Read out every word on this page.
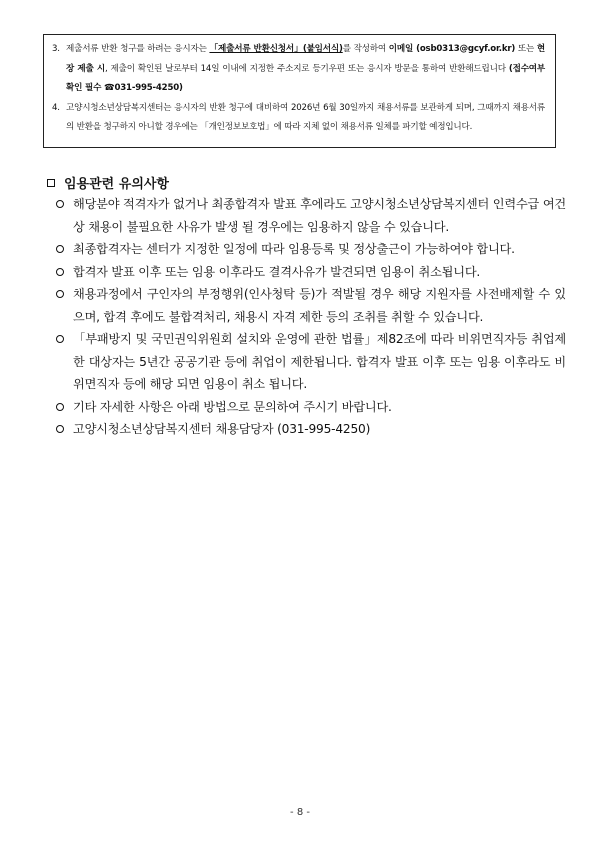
3. 제출서류 반환 청구를 하려는 응시자는 「제출서류 반환신청서」(붙임서식)를 작성하여 이메일 (osb0313@gcyf.or.kr) 또는 현장 제출 시, 제출이 확인된 날로부터 14일 이내에 지정한 주소지로 등기우편 또는 응시자 방문을 통하여 반환해드립니다 (접수여부 확인 필수 ☎031-995-4250)
4. 고양시청소년상담복지센터는 응시자의 반환 청구에 대비하여 2026년 6월 30일까지 채용서류를 보관하게 되며, 그때까지 채용서류의 반환을 청구하지 아니할 경우에는 「개인정보보호법」에 따라 지체 없이 채용서류 일체를 파기할 예정입니다.
임용관련 유의사항
해당분야 적격자가 없거나 최종합격자 발표 후에라도 고양시청소년상담복지센터 인력수급 여건상 채용이 불필요한 사유가 발생 될 경우에는 임용하지 않을 수 있습니다.
최종합격자는 센터가 지정한 일정에 따라 임용등록 및 정상출근이 가능하여야 합니다.
합격자 발표 이후 또는 임용 이후라도 결격사유가 발견되면 임용이 취소됩니다.
채용과정에서 구인자의 부정행위(인사청탁 등)가 적발될 경우 해당 지원자를 사전배제할 수 있으며, 합격 후에도 불합격처리, 채용시 자격 제한 등의 조취를 취할 수 있습니다.
「부패방지 및 국민권익위원회 설치와 운영에 관한 법률」제82조에 따라 비위면직자등 취업제한 대상자는 5년간 공공기관 등에 취업이 제한됩니다. 합격자 발표 이후 또는 임용 이후라도 비위면직자 등에 해당 되면 임용이 취소 됩니다.
기타 자세한 사항은 아래 방법으로 문의하여 주시기 바랍니다.
고양시청소년상담복지센터 채용담당자 (031-995-4250)
- 8 -
